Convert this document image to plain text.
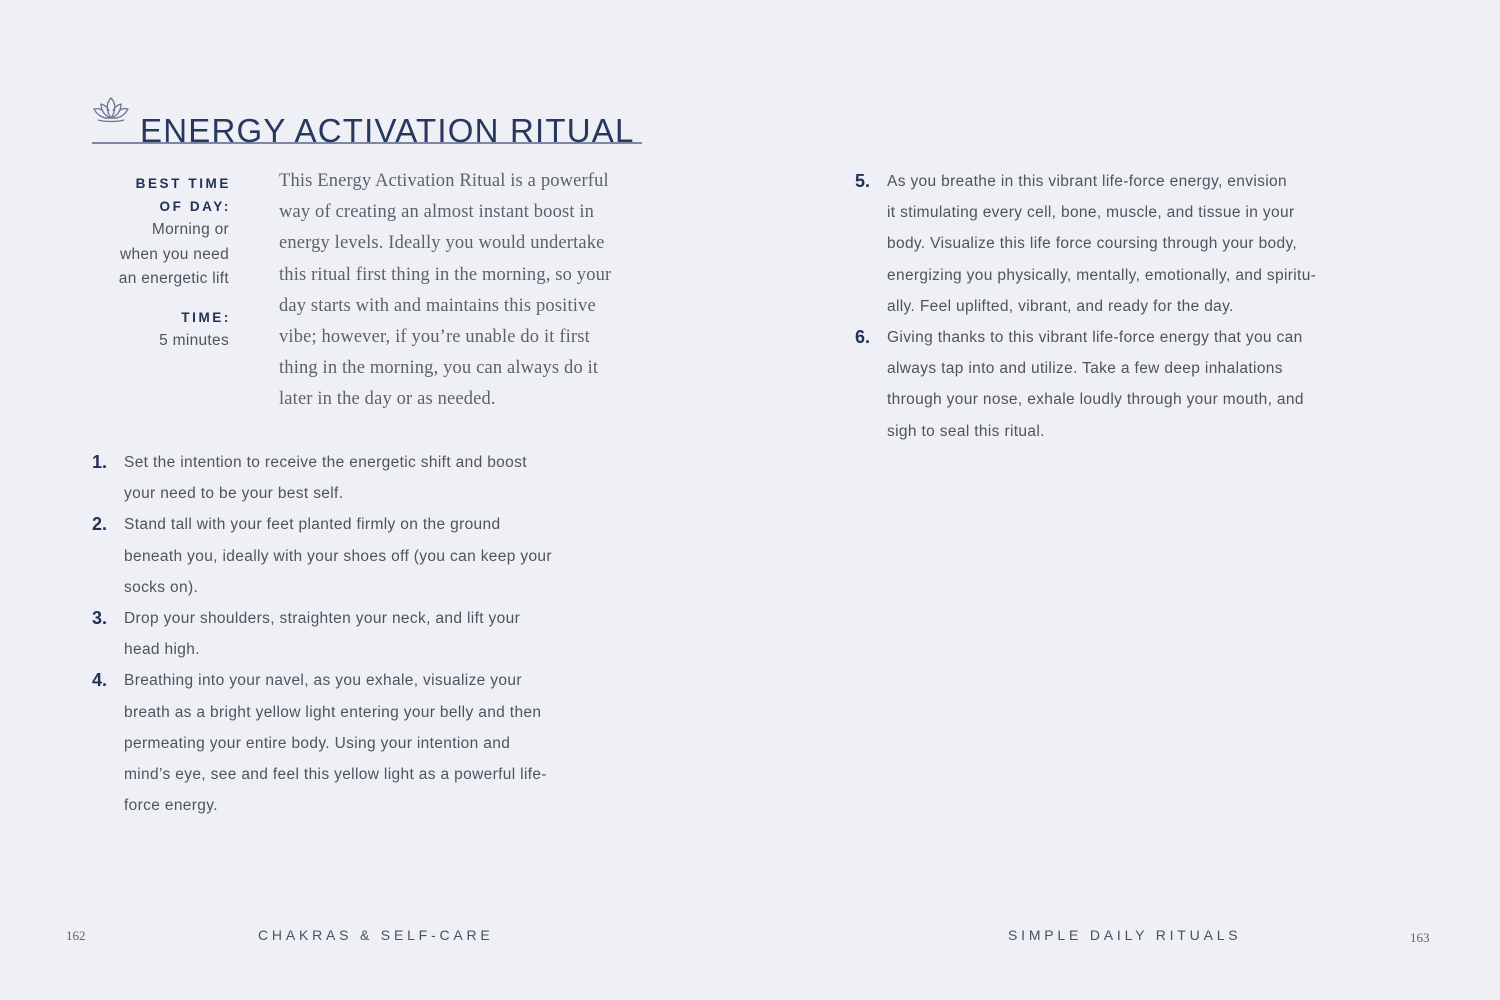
ENERGY ACTIVATION RITUAL
BEST TIME
OF DAY:
Morning or
when you need
an energetic lift
TIME:
5 minutes
This Energy Activation Ritual is a powerful
way of creating an almost instant boost in
energy levels. Ideally you would undertake
this ritual first thing in the morning, so your
day starts with and maintains this positive
vibe; however, if you’re unable do it first
thing in the morning, you can always do it
later in the day or as needed.
1. Set the intention to receive the energetic shift and boost
your need to be your best self.
2. Stand tall with your feet planted firmly on the ground
beneath you, ideally with your shoes off (you can keep your
socks on).
3. Drop your shoulders, straighten your neck, and lift your
head high.
4. Breathing into your navel, as you exhale, visualize your
breath as a bright yellow light entering your belly and then
permeating your entire body. Using your intention and
mind’s eye, see and feel this yellow light as a powerful life-
force energy.
5. As you breathe in this vibrant life-force energy, envision
it stimulating every cell, bone, muscle, and tissue in your
body. Visualize this life force coursing through your body,
energizing you physically, mentally, emotionally, and spiritu-
ally. Feel uplifted, vibrant, and ready for the day.
6. Giving thanks to this vibrant life-force energy that you can
always tap into and utilize. Take a few deep inhalations
through your nose, exhale loudly through your mouth, and
sigh to seal this ritual.
162	CHAKRAS & SELF-CARE	SIMPLE DAILY RITUALS	163
